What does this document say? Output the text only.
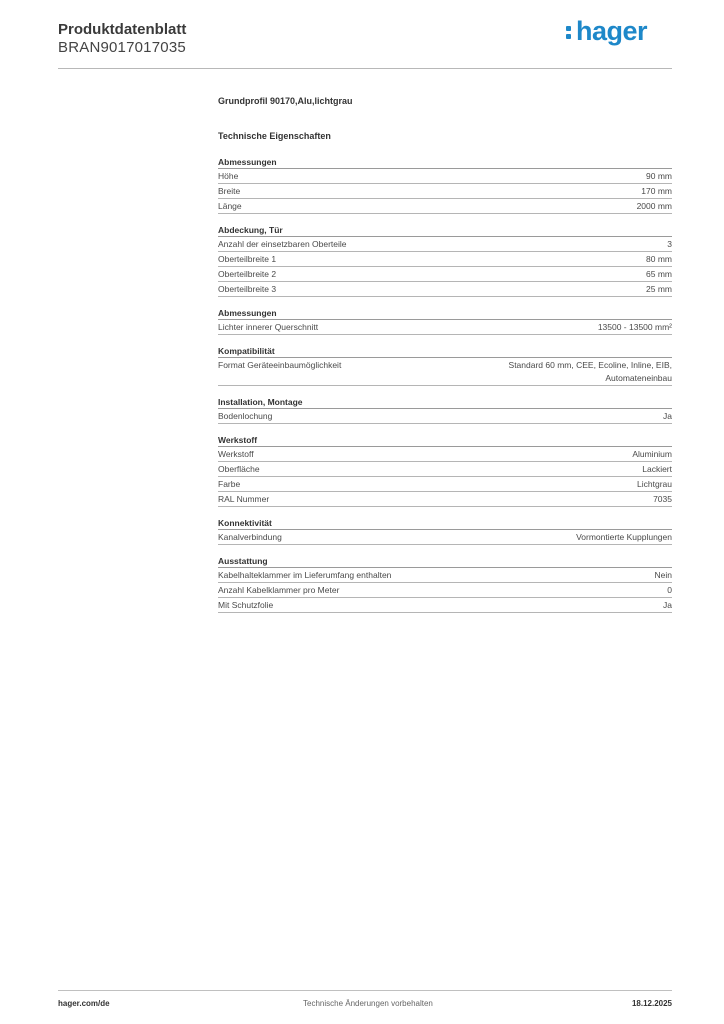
Produktdatenblatt
BRAN9017017035
hager
Grundprofil 90170,Alu,lichtgrau
Technische Eigenschaften
Abmessungen
Höhe	90 mm
Breite	170 mm
Länge	2000 mm
Abdeckung, Tür
Anzahl der einsetzbaren Oberteile	3
Oberteilbreite 1	80 mm
Oberteilbreite 2	65 mm
Oberteilbreite 3	25 mm
Abmessungen
Lichter innerer Querschnitt	13500 - 13500 mm²
Kompatibilität
Format Geräteeinbaumöglichkeit	Standard 60 mm, CEE, Ecoline, Inline, EIB, Automateneinbau
Installation, Montage
Bodenlochung	Ja
Werkstoff
Werkstoff	Aluminium
Oberfläche	Lackiert
Farbe	Lichtgrau
RAL Nummer	7035
Konnektivität
Kanalverbindung	Vormontierte Kupplungen
Ausstattung
Kabelhalteklammer im Lieferumfang enthalten	Nein
Anzahl Kabelklammer pro Meter	0
Mit Schutzfolie	Ja
hager.com/de	Technische Änderungen vorbehalten	18.12.2025
